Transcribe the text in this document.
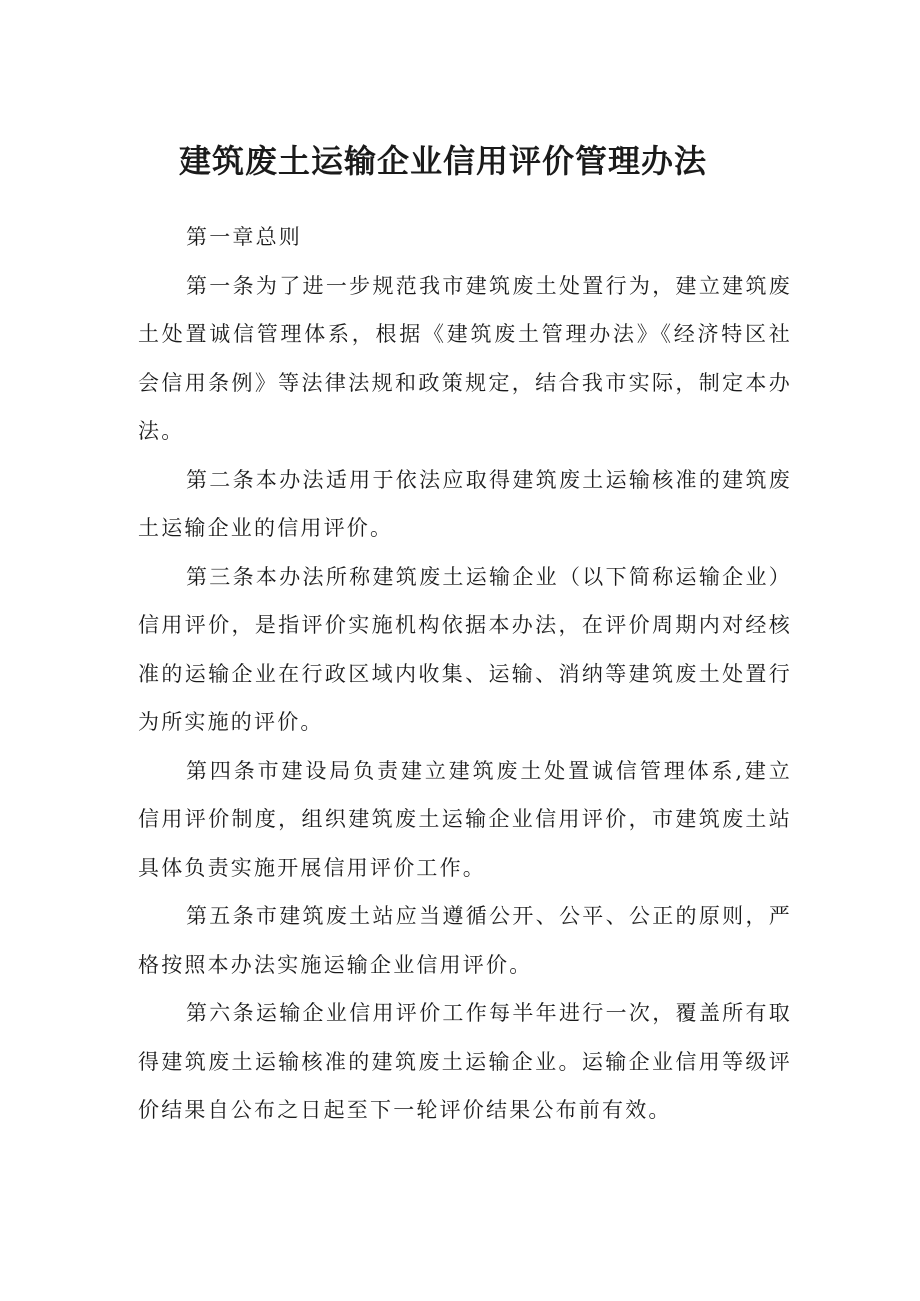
建筑废土运输企业信用评价管理办法

第一章总则

第一条为了进一步规范我市建筑废土处置行为，建立建筑废土处置诚信管理体系，根据《建筑废土管理办法》《经济特区社会信用条例》等法律法规和政策规定，结合我市实际，制定本办法。

第二条本办法适用于依法应取得建筑废土运输核准的建筑废土运输企业的信用评价。

第三条本办法所称建筑废土运输企业（以下简称运输企业）信用评价，是指评价实施机构依据本办法，在评价周期内对经核准的运输企业在行政区域内收集、运输、消纳等建筑废土处置行为所实施的评价。

第四条市建设局负责建立建筑废土处置诚信管理体系,建立信用评价制度，组织建筑废土运输企业信用评价，市建筑废土站具体负责实施开展信用评价工作。

第五条市建筑废土站应当遵循公开、公平、公正的原则，严格按照本办法实施运输企业信用评价。

第六条运输企业信用评价工作每半年进行一次，覆盖所有取得建筑废土运输核准的建筑废土运输企业。运输企业信用等级评价结果自公布之日起至下一轮评价结果公布前有效。
